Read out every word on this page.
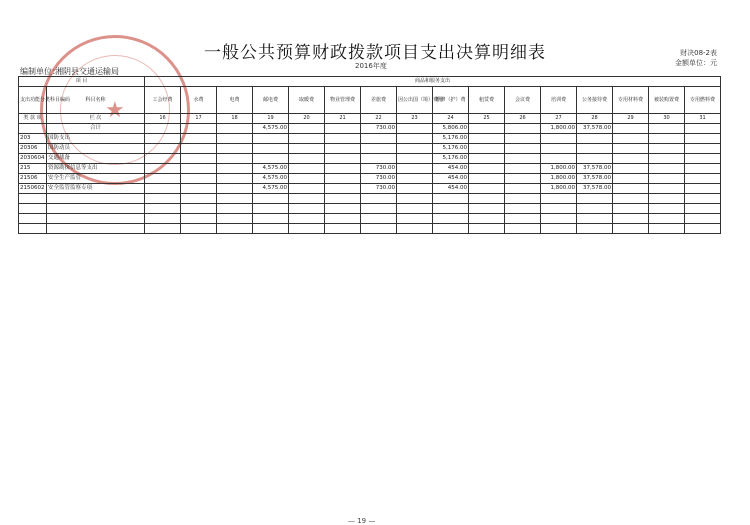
★
一般公共预算财政拨款项目支出决算明细表	财决08-2表
金额单位：元
编制单位：
湘阴县交通运输局
2016年度
项 目		商品和服务支出															
支出功能分类科目编码	科目名称	工会经费	水费	电费	邮电费	取暖费	物业管理费	差旅费	因公出国（境）费用	维修（护）费	租赁费	会议费	培训费	公务接待费	专用材料费	被装购置费	专用燃料费
类 款 项	栏 次	16	17	18	19	20	21	22	23	24	25	26	27	28	29	30	31
	合计				4,575.00			730.00		5,806.00			1,800.00	37,578.00			
203	国防支出									5,176.00							
20306	国防动员									5,176.00							
2030604	交通战备									5,176.00							
215	资源勘探信息等支出				4,575.00			730.00		454.00			1,800.00	37,578.00			
21506	安全生产监管				4,575.00			730.00		454.00			1,800.00	37,578.00			
2150602	安全监管监察专项				4,575.00			730.00		454.00			1,800.00	37,578.00			

— 19 —
